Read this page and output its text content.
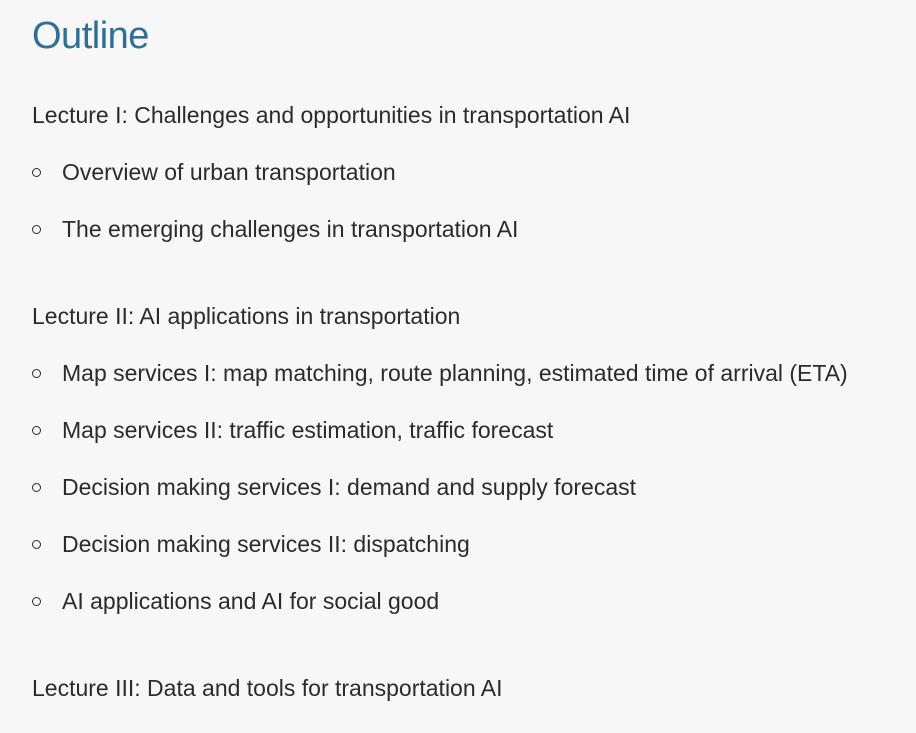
Outline
Lecture I: Challenges and opportunities in transportation AI
Overview of urban transportation
The emerging challenges in transportation AI
Lecture II: AI applications in transportation
Map services I: map matching, route planning, estimated time of arrival (ETA)
Map services II: traffic estimation, traffic forecast
Decision making services I: demand and supply forecast
Decision making services II: dispatching
AI applications and AI for social good
Lecture III: Data and tools for transportation AI
